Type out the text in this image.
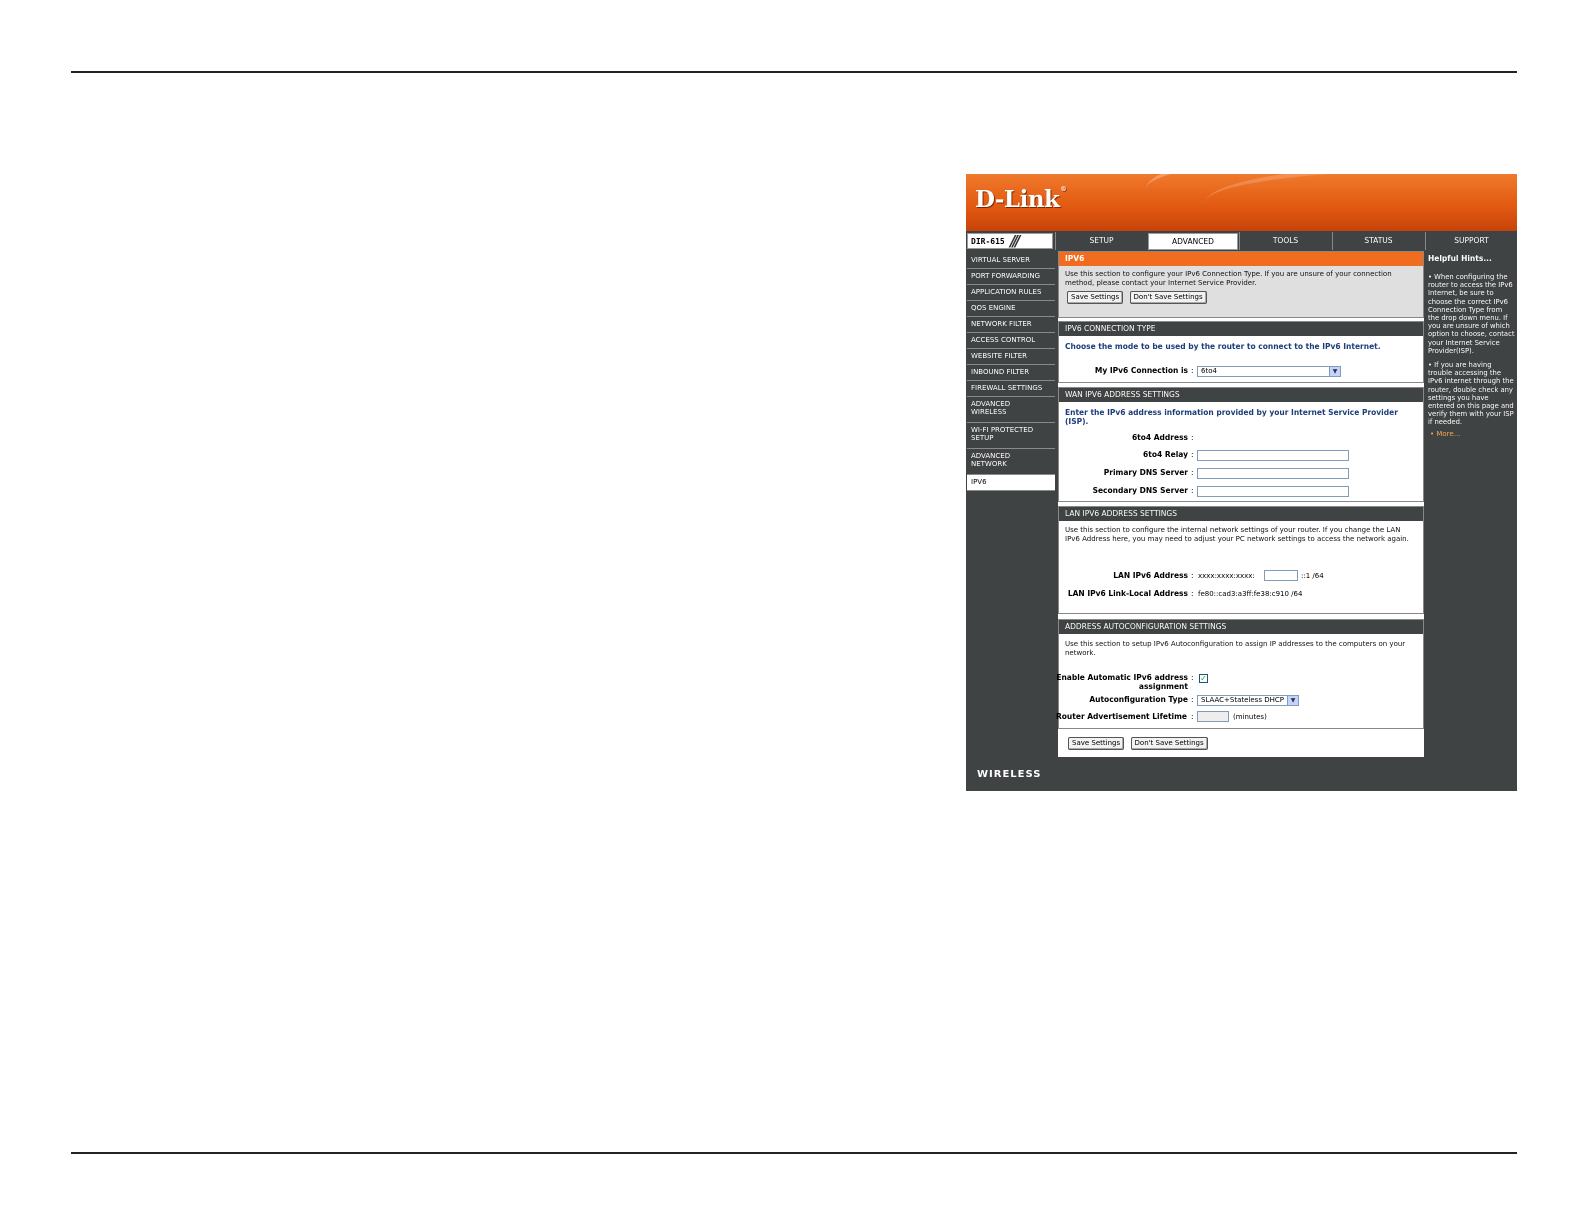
D-Link®
DIR-615 ///	SETUP	ADVANCED	TOOLS	STATUS	SUPPORT
VIRTUAL SERVER
PORT FORWARDING
APPLICATION RULES
QOS ENGINE
NETWORK FILTER
ACCESS CONTROL
WEBSITE FILTER
INBOUND FILTER
FIREWALL SETTINGS
ADVANCED WIRELESS
WI-FI PROTECTED SETUP
ADVANCED NETWORK
IPV6
IPV6
Use this section to configure your IPv6 Connection Type. If you are unsure of your connection method, please contact your Internet Service Provider.
Save Settings Don't Save Settings
IPV6 CONNECTION TYPE
Choose the mode to be used by the router to connect to the IPv6 Internet.
My IPv6 Connection is :	6to4	▼
WAN IPV6 ADDRESS SETTINGS
Enter the IPv6 address information provided by your Internet Service Provider (ISP).
6to4 Address :
6to4 Relay :
Primary DNS Server :
Secondary DNS Server :
LAN IPV6 ADDRESS SETTINGS
Use this section to configure the internal network settings of your router. If you change the LAN IPv6 Address here, you may need to adjust your PC network settings to access the network again.
LAN IPv6 Address : xxxx:xxxx:xxxx:	::1 /64
LAN IPv6 Link-Local Address : fe80::cad3:a3ff:fe38:c910 /64
ADDRESS AUTOCONFIGURATION SETTINGS
Use this section to setup IPv6 Autoconfiguration to assign IP addresses to the computers on your network.
Enable Automatic IPv6 address
assignment
: ✓
Autoconfiguration Type :	SLAAC+Stateless DHCP	▼
Router Advertisement Lifetime :	(minutes)
Save Settings Don't Save Settings
Helpful Hints...
• When configuring the router to access the IPv6 Internet, be sure to choose the correct IPv6 Connection Type from the drop down menu. If you are unsure of which option to choose, contact your Internet Service Provider(ISP).
• If you are having trouble accessing the IPv6 internet through the router, double check any settings you have entered on this page and verify them with your ISP if needed.
• More...
WIRELESS
